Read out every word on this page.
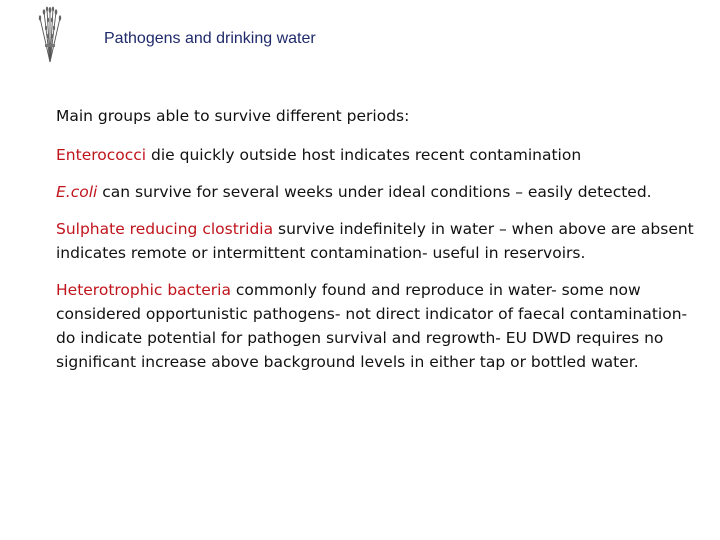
Pathogens and drinking water

Main groups able to survive different periods:

Enterococci die quickly outside host indicates recent contamination

E.coli can survive for several weeks under ideal conditions – easily detected.

Sulphate reducing clostridia survive indefinitely in water – when above are absent indicates remote or intermittent contamination- useful in reservoirs.

Heterotrophic bacteria commonly found and reproduce in water- some now considered opportunistic pathogens- not direct indicator of faecal contamination- do indicate potential for pathogen survival and regrowth- EU DWD requires no significant increase above background levels in either tap or bottled water.
